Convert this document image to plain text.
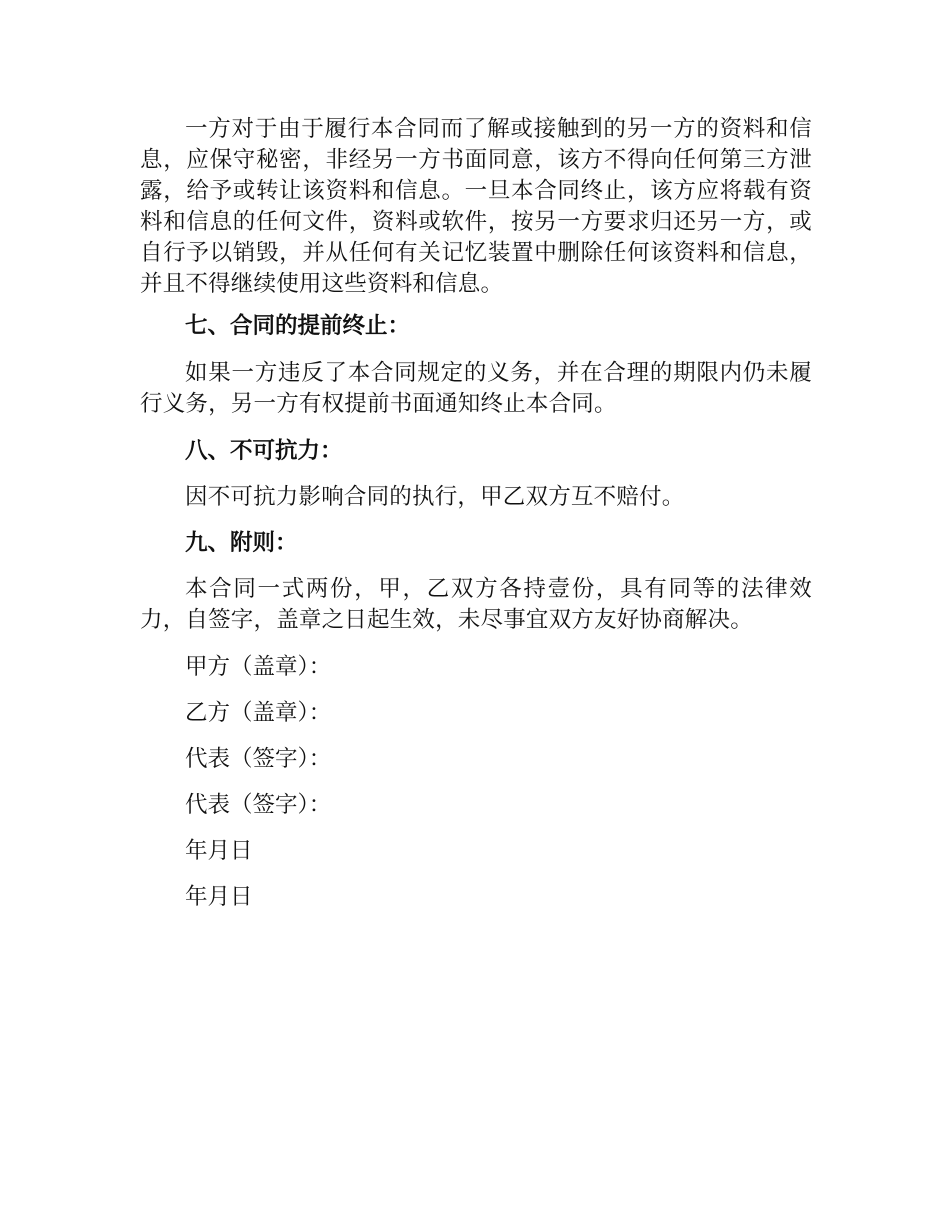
一方对于由于履行本合同而了解或接触到的另一方的资料和信息，应保守秘密，非经另一方书面同意，该方不得向任何第三方泄露，给予或转让该资料和信息。一旦本合同终止，该方应将载有资料和信息的任何文件，资料或软件，按另一方要求归还另一方，或自行予以销毁，并从任何有关记忆装置中删除任何该资料和信息，并且不得继续使用这些资料和信息。

七、合同的提前终止：

如果一方违反了本合同规定的义务，并在合理的期限内仍未履行义务，另一方有权提前书面通知终止本合同。

八、不可抗力：

因不可抗力影响合同的执行，甲乙双方互不赔付。

九、附则：

本合同一式两份，甲，乙双方各持壹份，具有同等的法律效力，自签字，盖章之日起生效，未尽事宜双方友好协商解决。

甲方（盖章）：

乙方（盖章）：

代表（签字）：

代表（签字）：

年月日

年月日
